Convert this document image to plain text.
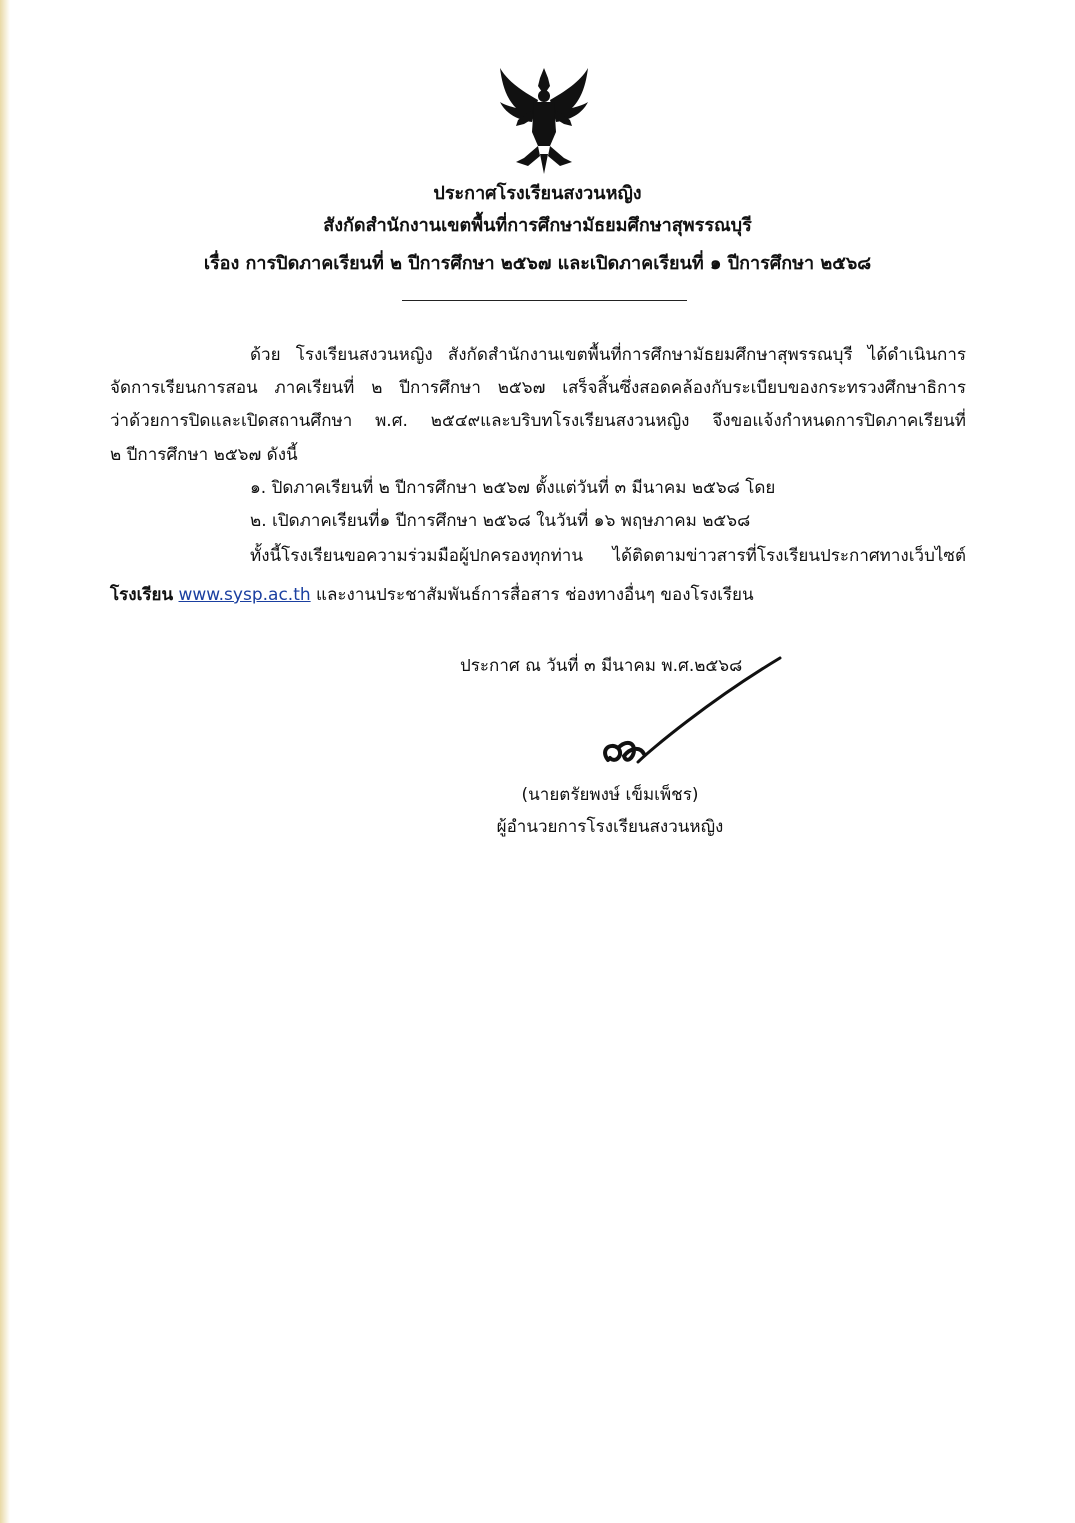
ประกาศโรงเรียนสงวนหญิง
สังกัดสำนักงานเขตพื้นที่การศึกษามัธยมศึกษาสุพรรณบุรี
เรื่อง การปิดภาคเรียนที่ ๒ ปีการศึกษา ๒๕๖๗ และเปิดภาคเรียนที่ ๑ ปีการศึกษา ๒๕๖๘
ด้วย โรงเรียนสงวนหญิง สังกัดสำนักงานเขตพื้นที่การศึกษามัธยมศึกษาสุพรรณบุรี ได้ดำเนินการ
จัดการเรียนการสอน ภาคเรียนที่ ๒ ปีการศึกษา ๒๕๖๗ เสร็จสิ้นซึ่งสอดคล้องกับระเบียบของกระทรวงศึกษาธิการ
ว่าด้วยการปิดและเปิดสถานศึกษา พ.ศ. ๒๕๔๙และบริบทโรงเรียนสงวนหญิง จึงขอแจ้งกำหนดการปิดภาคเรียนที่
๒ ปีการศึกษา ๒๕๖๗ ดังนี้
๑. ปิดภาคเรียนที่ ๒ ปีการศึกษา ๒๕๖๗ ตั้งแต่วันที่ ๓ มีนาคม ๒๕๖๘ โดย
๒. เปิดภาคเรียนที่๑ ปีการศึกษา ๒๕๖๘ ในวันที่ ๑๖ พฤษภาคม ๒๕๖๘
ทั้งนี้โรงเรียนขอความร่วมมือผู้ปกครองทุกท่าน ได้ติดตามข่าวสารที่โรงเรียนประกาศทางเว็บไซต์
โรงเรียน www.sysp.ac.th และงานประชาสัมพันธ์การสื่อสาร ช่องทางอื่นๆ ของโรงเรียน
ประกาศ ณ วันที่ ๓ มีนาคม พ.ศ.๒๕๖๘
(นายตรัยพงษ์ เข็มเพ็ชร)
ผู้อำนวยการโรงเรียนสงวนหญิง
